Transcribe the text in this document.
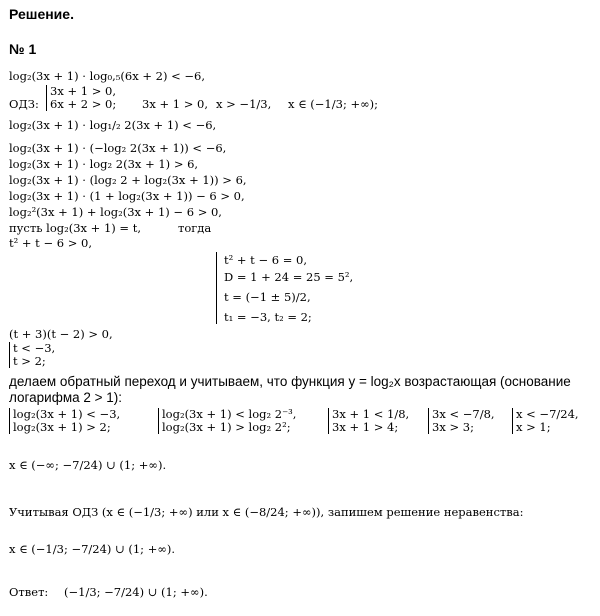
Решение.
№ 1
log₂(3x + 1) · log₀,₅(6x + 2) < −6,
ОДЗ:
3x + 1 > 0,
6x + 2 > 0; 3x + 1 > 0, x > −1/3, x ∈ (−1/3; +∞);
log₂(3x + 1) · log₁/₂ 2(3x + 1) < −6,
log₂(3x + 1) · (−log₂ 2(3x + 1)) < −6,
log₂(3x + 1) · log₂ 2(3x + 1) > 6,
log₂(3x + 1) · (log₂ 2 + log₂(3x + 1)) > 6,
log₂(3x + 1) · (1 + log₂(3x + 1)) − 6 > 0,
log₂²(3x + 1) + log₂(3x + 1) − 6 > 0,
пусть log₂(3x + 1) = t,	тогда
t² + t − 6 > 0,
t² + t − 6 = 0,
D = 1 + 24 = 25 = 5²,
t = (−1 ± 5)/2,
t₁ = −3, t₂ = 2;
(t + 3)(t − 2) > 0,
t < −3,
t > 2;
делаем обратный переход и учитываем, что функция y = log₂x возрастающая (основание логарифма 2 > 1):
log₂(3x + 1) < −3,
log₂(3x + 1) > 2;
log₂(3x + 1) < log₂ 2⁻³,
log₂(3x + 1) > log₂ 2²;
3x + 1 < 1/8,
3x + 1 > 4;
3x < −7/8,
3x > 3;
x < −7/24,
x > 1;
x ∈ (−∞; −7/24) ∪ (1; +∞).
Учитывая ОДЗ (x ∈ (−1/3; +∞) или x ∈ (−8/24; +∞)), запишем решение неравенства:
x ∈ (−1/3; −7/24) ∪ (1; +∞).
Ответ: (−1/3; −7/24) ∪ (1; +∞).
